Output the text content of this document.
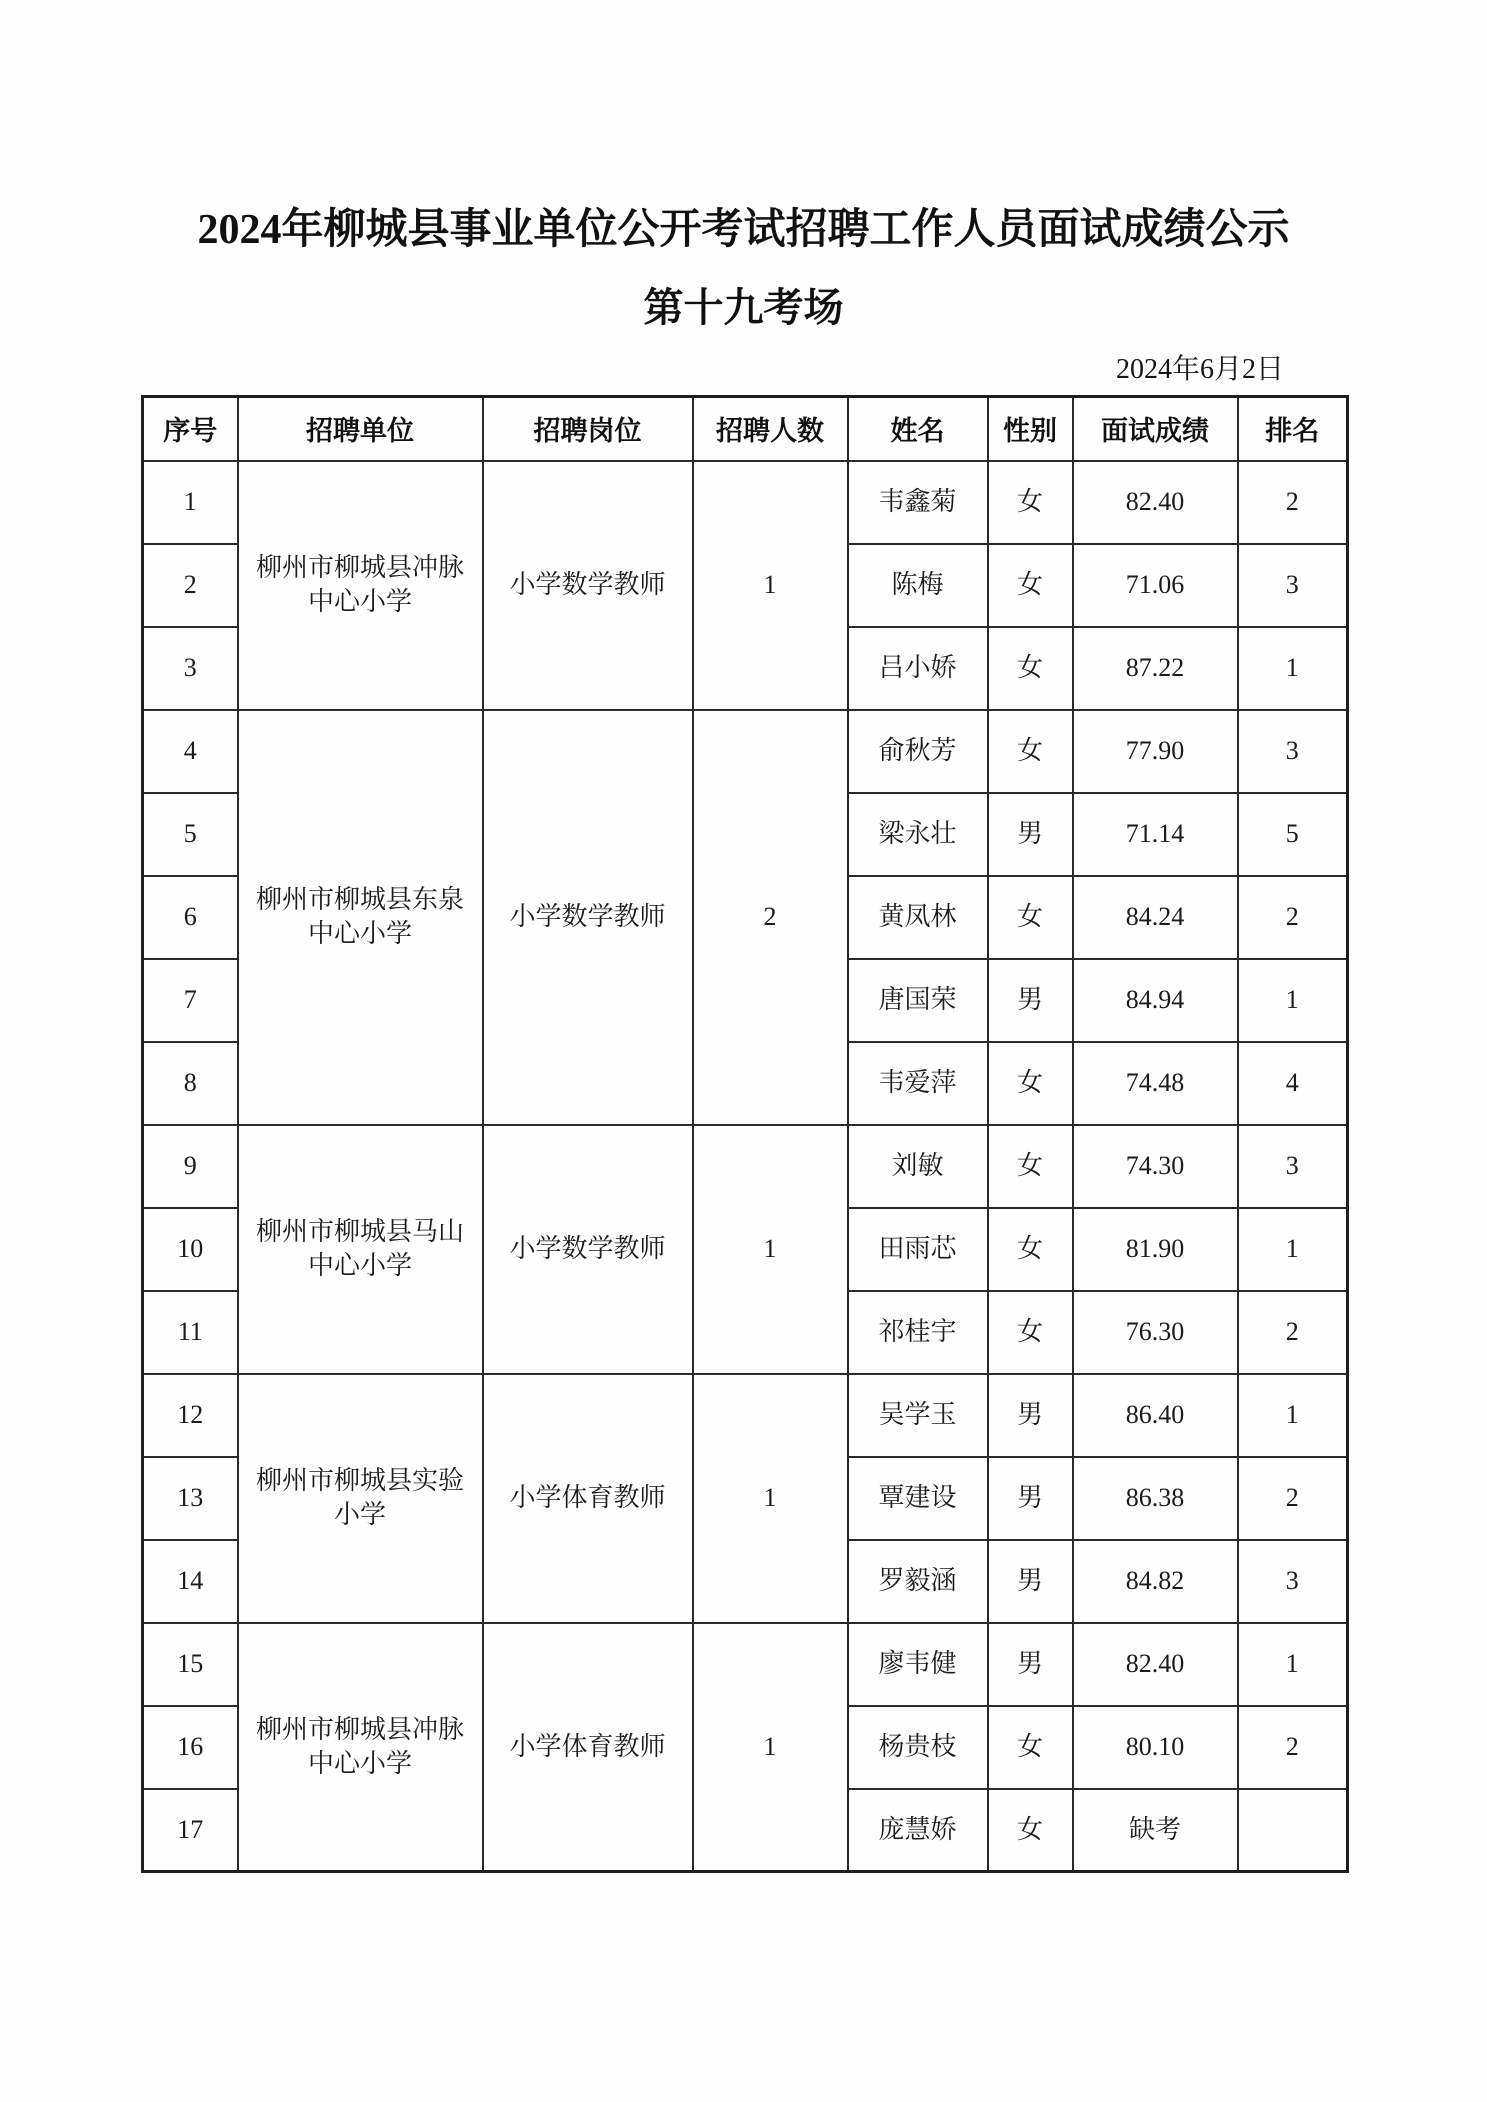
2024年柳城县事业单位公开考试招聘工作人员面试成绩公示
第十九考场
2024年6月2日
序号	招聘单位	招聘岗位	招聘人数	姓名	性别	面试成绩	排名
1	柳州市柳城县冲脉中心小学	小学数学教师	1	韦鑫菊	女	82.40	2
2				陈梅	女	71.06	3
3				吕小娇	女	87.22	1
4	柳州市柳城县东泉中心小学	小学数学教师	2	俞秋芳	女	77.90	3
5				梁永壮	男	71.14	5
6				黄凤林	女	84.24	2
7				唐国荣	男	84.94	1
8				韦爱萍	女	74.48	4
9	柳州市柳城县马山中心小学	小学数学教师	1	刘敏	女	74.30	3
10				田雨芯	女	81.90	1
11				祁桂宇	女	76.30	2
12	柳州市柳城县实验小学	小学体育教师	1	吴学玉	男	86.40	1
13				覃建设	男	86.38	2
14				罗毅涵	男	84.82	3
15	柳州市柳城县冲脉中心小学	小学体育教师	1	廖韦健	男	82.40	1
16				杨贵枝	女	80.10	2
17				庞慧娇	女	缺考	
